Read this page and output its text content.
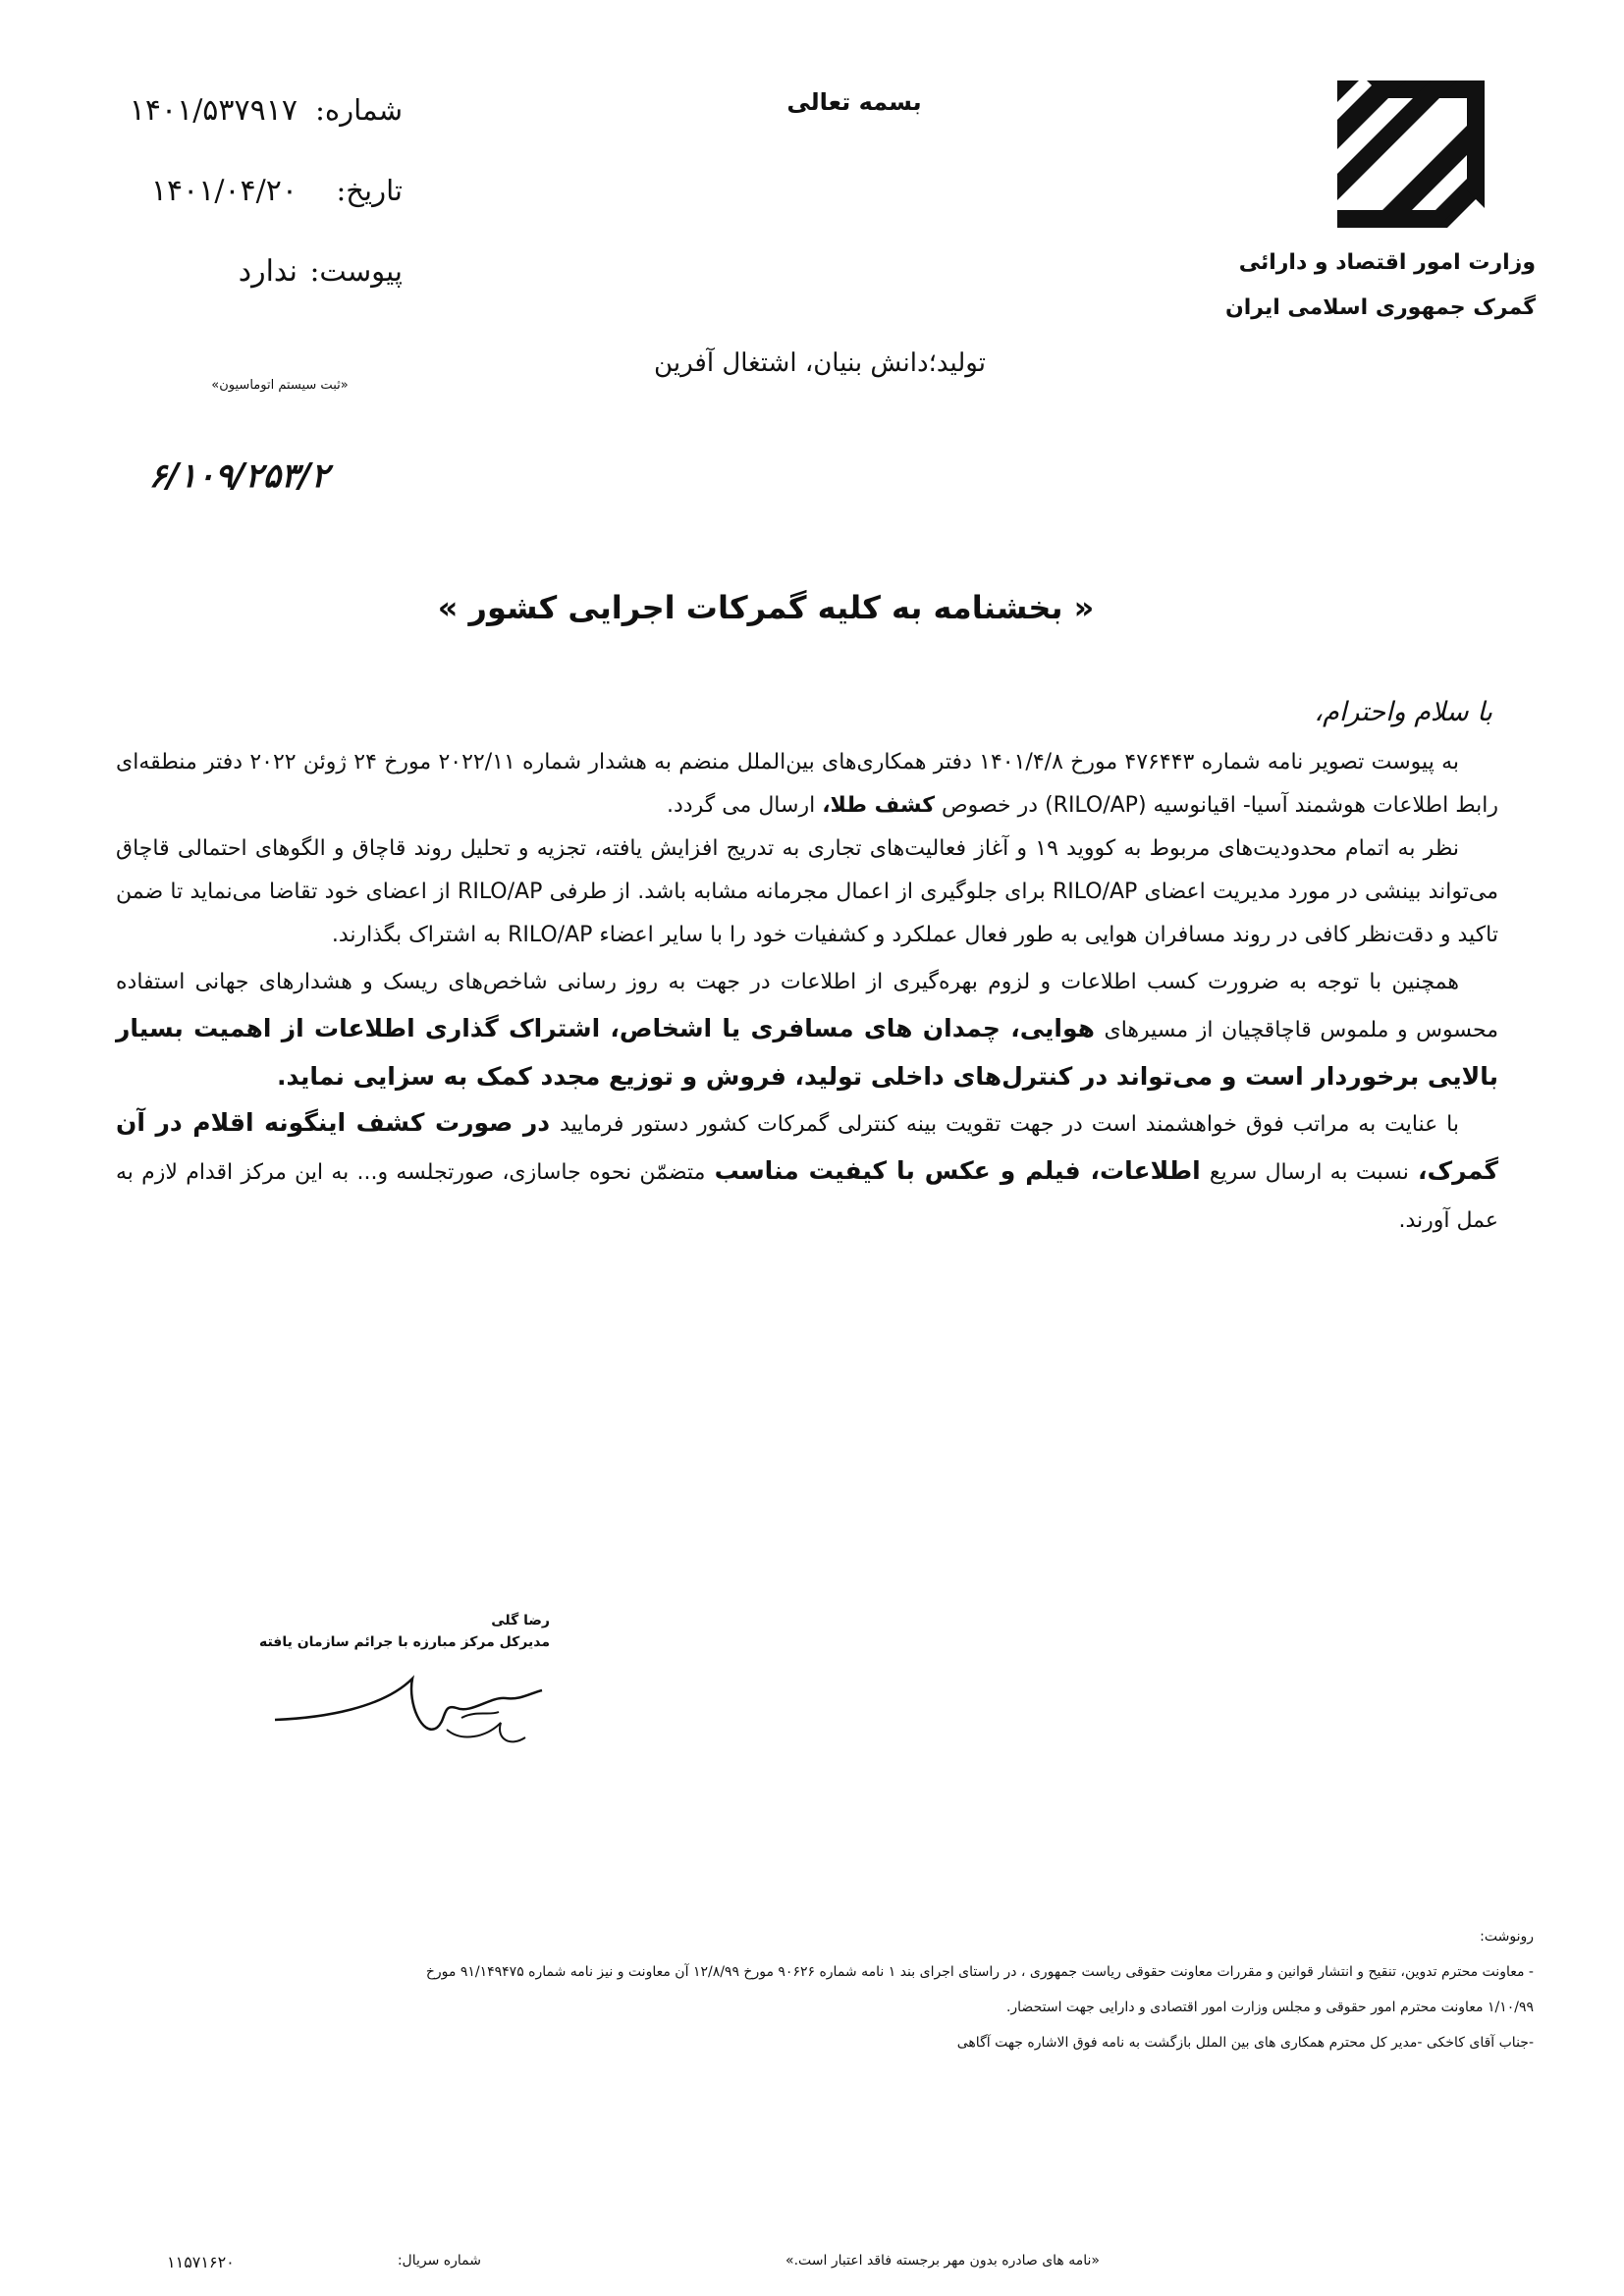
وزارت امور اقتصاد و دارائی
گمرک جمهوری اسلامی ایران
بسمه تعالی
تولید؛دانش بنیان، اشتغال آفرین
شماره:
۱۴۰۱/۵۳۷۹۱۷
تاریخ:
۱۴۰۱/۰۴/۲۰
پیوست:
ندارد
«ثبت سیستم اتوماسیون»
۶/۱۰۹/۲۵۳/۲
« بخشنامه به کلیه گمرکات اجرایی کشور »
با سلام واحترام،

به پیوست تصویر نامه شماره ۴۷۶۴۴۳ مورخ ۱۴۰۱/۴/۸ دفتر همکاری‌های بین‌الملل منضم به هشدار شماره ۲۰۲۲/۱۱ مورخ ۲۴ ژوئن ۲۰۲۲ دفتر منطقه‌ای رابط اطلاعات هوشمند آسیا- اقیانوسیه (RILO/AP) در خصوص کشف طلا، ارسال می گردد.

نظر به اتمام محدودیت‌های مربوط به کووید ۱۹ و آغاز فعالیت‌های تجاری به تدریج افزایش یافته، تجزیه و تحلیل روند قاچاق و الگوهای احتمالی قاچاق می‌تواند بینشی در مورد مدیریت اعضای RILO/AP برای جلوگیری از اعمال مجرمانه مشابه باشد. از طرفی RILO/AP از اعضای خود تقاضا می‌نماید تا ضمن تاکید و دقت‌نظر کافی در روند مسافران هوایی به طور فعال عملکرد و کشفیات خود را با سایر اعضاء RILO/AP به اشتراک بگذارند.

همچنین با توجه به ضرورت کسب اطلاعات و لزوم بهره‌گیری از اطلاعات در جهت به روز رسانی شاخص‌های ریسک و هشدارهای جهانی استفاده محسوس و ملموس قاچاقچیان از مسیرهای هوایی، چمدان های مسافری یا اشخاص، اشتراک گذاری اطلاعات از اهمیت بسیار بالایی برخوردار است و می‌تواند در کنترل‌های داخلی تولید، فروش و توزیع مجدد کمک به سزایی نماید.

با عنایت به مراتب فوق خواهشمند است در جهت تقویت بینه کنترلی گمرکات کشور دستور فرمایید در صورت کشف اینگونه اقلام در آن گمرک، نسبت به ارسال سریع اطلاعات، فیلم و عکس با کیفیت مناسب متضمّن نحوه جاسازی، صورتجلسه و... به این مرکز اقدام لازم به عمل آورند.

رضا گلی
مدیرکل مرکز مبارزه با جرائم سازمان یافته
رونوشت:
- معاونت محترم تدوین، تنقیح و انتشار قوانین و مقررات معاونت حقوقی ریاست جمهوری ، در راستای اجرای بند ۱ نامه شماره ۹۰۶۲۶ مورخ ۱۲/۸/۹۹ آن معاونت و نیز نامه شماره ۹۱/۱۴۹۴۷۵ مورخ
۱/۱۰/۹۹ معاونت محترم امور حقوقی و مجلس وزارت امور اقتصادی و دارایی جهت استحضار.
-جناب آقای کاخکی -مدیر کل محترم همکاری های بین الملل بازگشت به نامه فوق الاشاره جهت آگاهی
«نامه های صادره بدون مهر برجسته فاقد اعتبار است.»
شماره سریال:
۱۱۵۷۱۶۲۰
